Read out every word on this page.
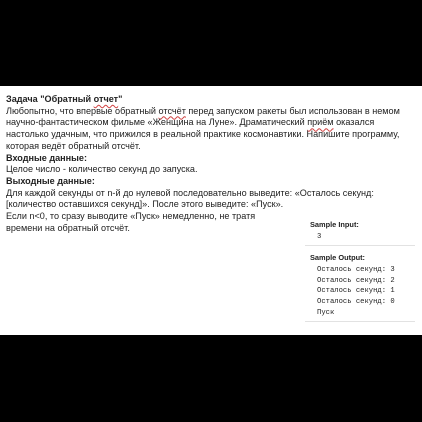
Задача "Обратный отчет"

Любопытно, что впервые обратный отсчёт перед запуском ракеты был использован в немом научно-фантастическом фильме «Женщина на Луне». Драматический приём оказался настолько удачным, что прижился в реальной практике космонавтики. Напишите программу, которая ведёт обратный отсчёт.

Входные данные:

Целое число - количество секунд до запуска.

Выходные данные:

Для каждой секунды от n-й до нулевой последовательно выведите: «Осталось секунд: [количество оставшихся секунд]». После этого выведите: «Пуск».

Если n<0, то сразу выводите «Пуск» немедленно, не тратя времени на обратный отсчёт.	Sample Input:
3
Sample Output:
Осталось секунд: 3
Осталось секунд: 2
Осталось секунд: 1
Осталось секунд: 0
Пуск
